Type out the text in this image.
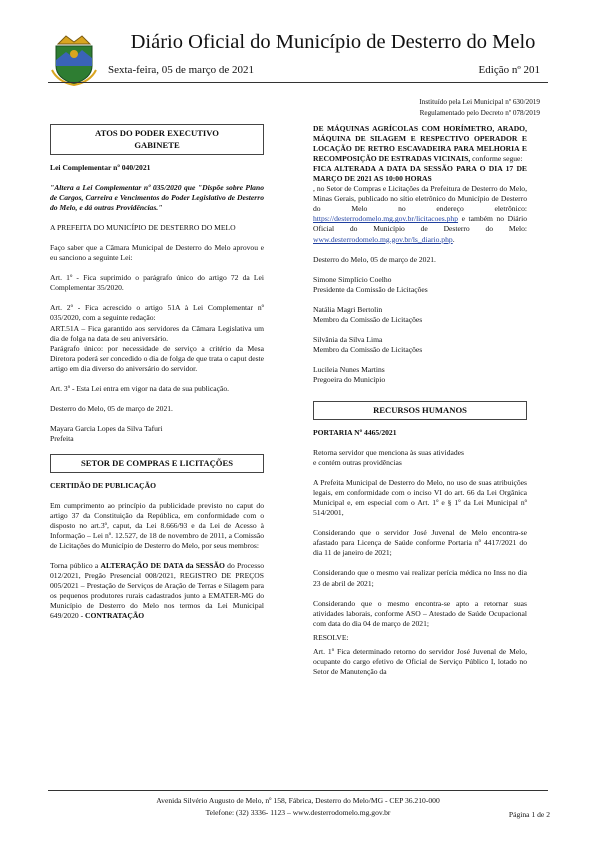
Diário Oficial do Município de Desterro do Melo
Sexta-feira, 05 de março de 2021	Edição nº 201
Instituído pela Lei Municipal nº 630/2019
Regulamentado pelo Decreto nº 078/2019
ATOS DO PODER EXECUTIVO
GABINETE

Lei Complementar nº 040/2021

"Altera a Lei Complementar nº 035/2020 que "Dispõe sobre Plano de Cargos, Carreira e Vencimentos do Poder Legislativo de Desterro do Melo, e dá outras Providências."

A PREFEITA DO MUNICÍPIO DE DESTERRO DO MELO

Faço saber que a Câmara Municipal de Desterro do Melo aprovou e eu sanciono a seguinte Lei:

Art. 1º - Fica suprimido o parágrafo único do artigo 72 da Lei Complementar 35/2020.

Art. 2º - Fica acrescido o artigo 51A à Lei Complementar nº 035/2020, com a seguinte redação:

ART.51A – Fica garantido aos servidores da Câmara Legislativa um dia de folga na data de seu aniversário.

Parágrafo único: por necessidade de serviço a critério da Mesa Diretora poderá ser concedido o dia de folga de que trata o caput deste artigo em dia diverso do aniversário do servidor.

Art. 3º - Esta Lei entra em vigor na data de sua publicação.

Desterro do Melo, 05 de março de 2021.

Mayara Garcia Lopes da Silva Tafuri
Prefeita

SETOR DE COMPRAS E LICITAÇÕES

CERTIDÃO DE PUBLICAÇÃO

Em cumprimento ao princípio da publicidade previsto no caput do artigo 37 da Constituição da República, em conformidade com o disposto no art.3º, caput, da Lei 8.666/93 e da Lei de Acesso à Informação – Lei nº. 12.527, de 18 de novembro de 2011, a Comissão de Licitações do Município de Desterro do Melo, por seus membros:

Torna público a ALTERAÇÃO DE DATA da SESSÃO do Processo 012/2021, Pregão Presencial 008/2021, REGISTRO DE PREÇOS 005/2021 – Prestação de Serviços de Aração de Terras e Silagem para os pequenos produtores rurais cadastrados junto a EMATER-MG do Município de Desterro do Melo nos termos da Lei Municipal 649/2020 - CONTRATAÇÃO

DE MÁQUINAS AGRÍCOLAS COM HORÍMETRO, ARADO, MÁQUINA DE SILAGEM E RESPECTIVO OPERADOR E LOCAÇÃO DE RETRO ESCAVADEIRA PARA MELHORIA E RECOMPOSIÇÃO DE ESTRADAS VICINAIS, conforme segue:

FICA ALTERADA A DATA DA SESSÃO PARA O DIA 17 DE MARÇO DE 2021 AS 10:00 HORAS

, no Setor de Compras e Licitações da Prefeitura de Desterro do Melo, Minas Gerais, publicado no sítio eletrônico do Município de Desterro do Melo no endereço eletrônico: https://desterrodomelo.mg.gov.br/licitacoes.php e também no Diário Oficial do Município de Desterro do Melo: www.desterrodomelo.mg.gov.br/ls_diario.php.

Desterro do Melo, 05 de março de 2021.

Simone Simplício Coelho
Presidente da Comissão de Licitações

Natália Magri Bertolin
Membro da Comissão de Licitações

Silvânia da Silva Lima
Membro da Comissão de Licitações

Lucileia Nunes Martins
Pregoeira do Município

RECURSOS HUMANOS

PORTARIA Nº 4465/2021

Retorna servidor que menciona às suas atividades
e contém outras providências

A Prefeita Municipal de Desterro do Melo, no uso de suas atribuições legais, em conformidade com o inciso VI do art. 66 da Lei Orgânica Municipal e, em especial com o Art. 1º e § 1º da Lei Municipal nº 514/2001,

Considerando que o servidor José Juvenal de Melo encontra-se afastado para Licença de Saúde conforme Portaria nº 4417/2021 do dia 11 de janeiro de 2021;

Considerando que o mesmo vai realizar perícia médica no Inss no dia 23 de abril de 2021;

Considerando que o mesmo encontra-se apto a retornar suas atividades laborais, conforme ASO – Atestado de Saúde Ocupacional com data do dia 04 de março de 2021;

RESOLVE:

Art. 1º Fica determinado retorno do servidor José Juvenal de Melo, ocupante do cargo efetivo de Oficial de Serviço Público I, lotado no Setor de Manutenção da

Avenida Silvério Augusto de Melo, nº 158, Fábrica, Desterro do Melo/MG - CEP 36.210-000
Telefone: (32) 3336- 1123 – www.desterrodomelo.mg.gov.br	Página 1 de 2
